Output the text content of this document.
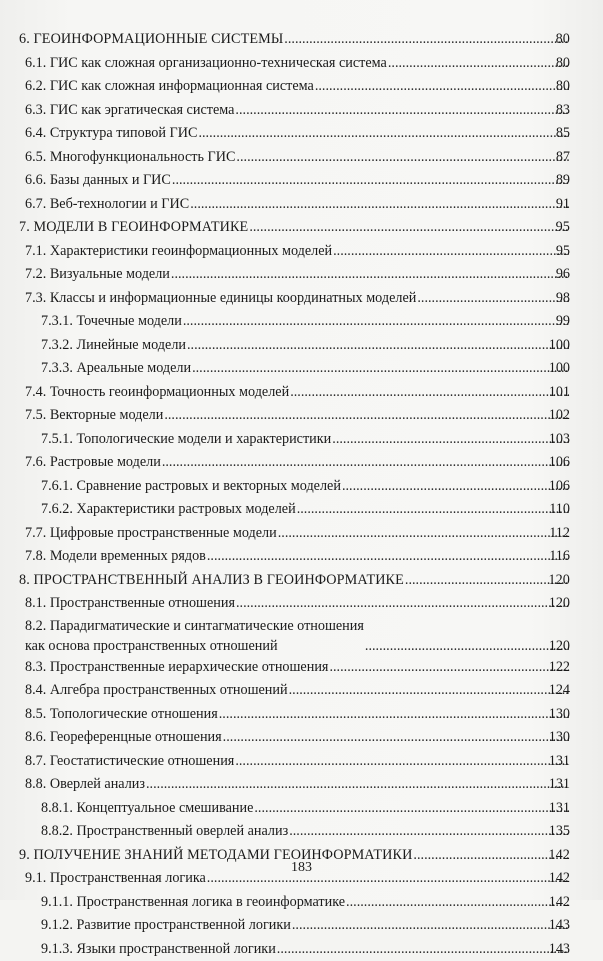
6. ГЕОИНФОРМАЦИОННЫЕ СИСТЕМЫ .....	80
6.1. ГИС как сложная организационно-техническая система .....	80
6.2. ГИС как сложная информационная система .....	80
6.3. ГИС как эргатическая система .....	83
6.4. Структура типовой ГИС .....	85
6.5. Многофункциональность ГИС .....	87
6.6. Базы данных и ГИС .....	89
6.7. Веб-технологии и ГИС .....	91
7. МОДЕЛИ В ГЕОИНФОРМАТИКЕ .....	95
7.1. Характеристики геоинформационных моделей .....	95
7.2. Визуальные модели .....	96
7.3. Классы и информационные единицы координатных моделей .....	98
7.3.1. Точечные модели .....	99
7.3.2. Линейные модели .....	100
7.3.3. Ареальные модели .....	100
7.4. Точность геоинформационных моделей .....	101
7.5. Векторные модели .....	102
7.5.1. Топологические модели и характеристики .....	103
7.6. Растровые модели .....	106
7.6.1. Сравнение растровых и векторных моделей .....	106
7.6.2. Характеристики растровых моделей .....	110
7.7. Цифровые пространственные модели .....	112
7.8. Модели временных рядов .....	116
8. ПРОСТРАНСТВЕННЫЙ АНАЛИЗ В ГЕОИНФОРМАТИКЕ .....	120
8.1. Пространственные отношения .....	120
8.2. Парадигматические и синтагматические отношения
как основа пространственных отношений .....	120
8.3. Пространственные иерархические отношения .....	122
8.4. Алгебра пространственных отношений .....	124
8.5. Топологические отношения .....	130
8.6. Геореференцные отношения .....	130
8.7. Геостатистические отношения .....	131
8.8. Оверлей анализ .....	131
8.8.1. Концептуальное смешивание .....	131
8.8.2. Пространственный оверлей анализ .....	135
9. ПОЛУЧЕНИЕ ЗНАНИЙ МЕТОДАМИ ГЕОИНФОРМАТИКИ .....	142
9.1. Пространственная логика .....	142
9.1.1. Пространственная логика в геоинформатике .....	142
9.1.2. Развитие пространственной логики .....	143
9.1.3. Языки пространственной логики .....	143
183
